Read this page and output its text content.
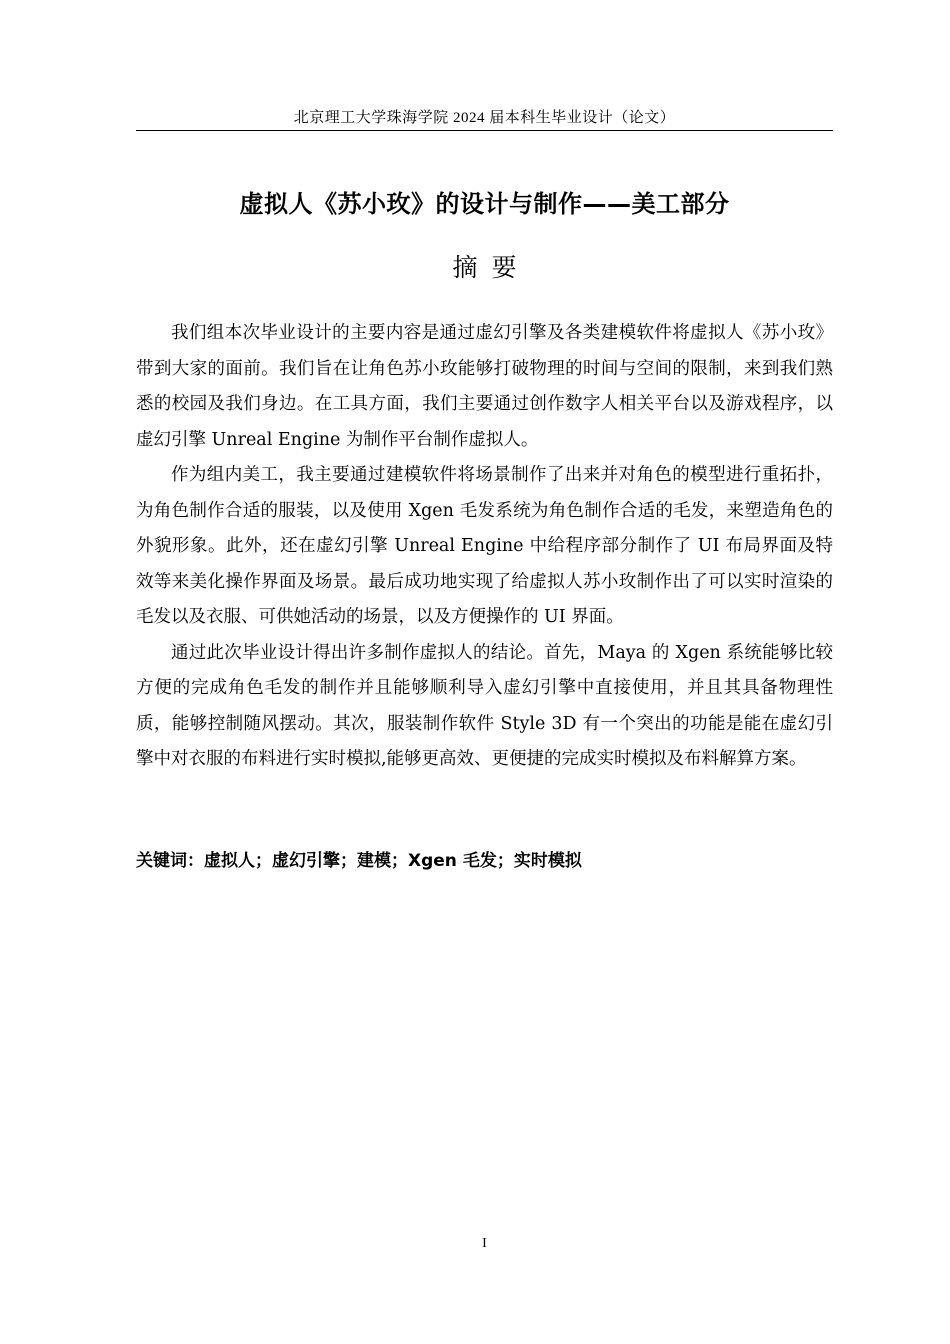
北京理工大学珠海学院 2024 届本科生毕业设计（论文）
虚拟人《苏小玫》的设计与制作——美工部分
摘要

我们组本次毕业设计的主要内容是通过虚幻引擎及各类建模软件将虚拟人《苏小玫》带到大家的面前。我们旨在让角色苏小玫能够打破物理的时间与空间的限制，来到我们熟悉的校园及我们身边。在工具方面，我们主要通过创作数字人相关平台以及游戏程序，以虚幻引擎 Unreal Engine 为制作平台制作虚拟人。

作为组内美工，我主要通过建模软件将场景制作了出来并对角色的模型进行重拓扑，为角色制作合适的服装，以及使用 Xgen 毛发系统为角色制作合适的毛发，来塑造角色的外貌形象。此外，还在虚幻引擎 Unreal Engine 中给程序部分制作了 UI 布局界面及特效等来美化操作界面及场景。最后成功地实现了给虚拟人苏小玫制作出了可以实时渲染的毛发以及衣服、可供她活动的场景，以及方便操作的 UI 界面。

通过此次毕业设计得出许多制作虚拟人的结论。首先，Maya 的 Xgen 系统能够比较方便的完成角色毛发的制作并且能够顺利导入虚幻引擎中直接使用，并且其具备物理性质，能够控制随风摆动。其次，服装制作软件 Style 3D 有一个突出的功能是能在虚幻引擎中对衣服的布料进行实时模拟,能够更高效、更便捷的完成实时模拟及布料解算方案。

关键词：虚拟人；虚幻引擎；建模；Xgen 毛发；实时模拟
I
